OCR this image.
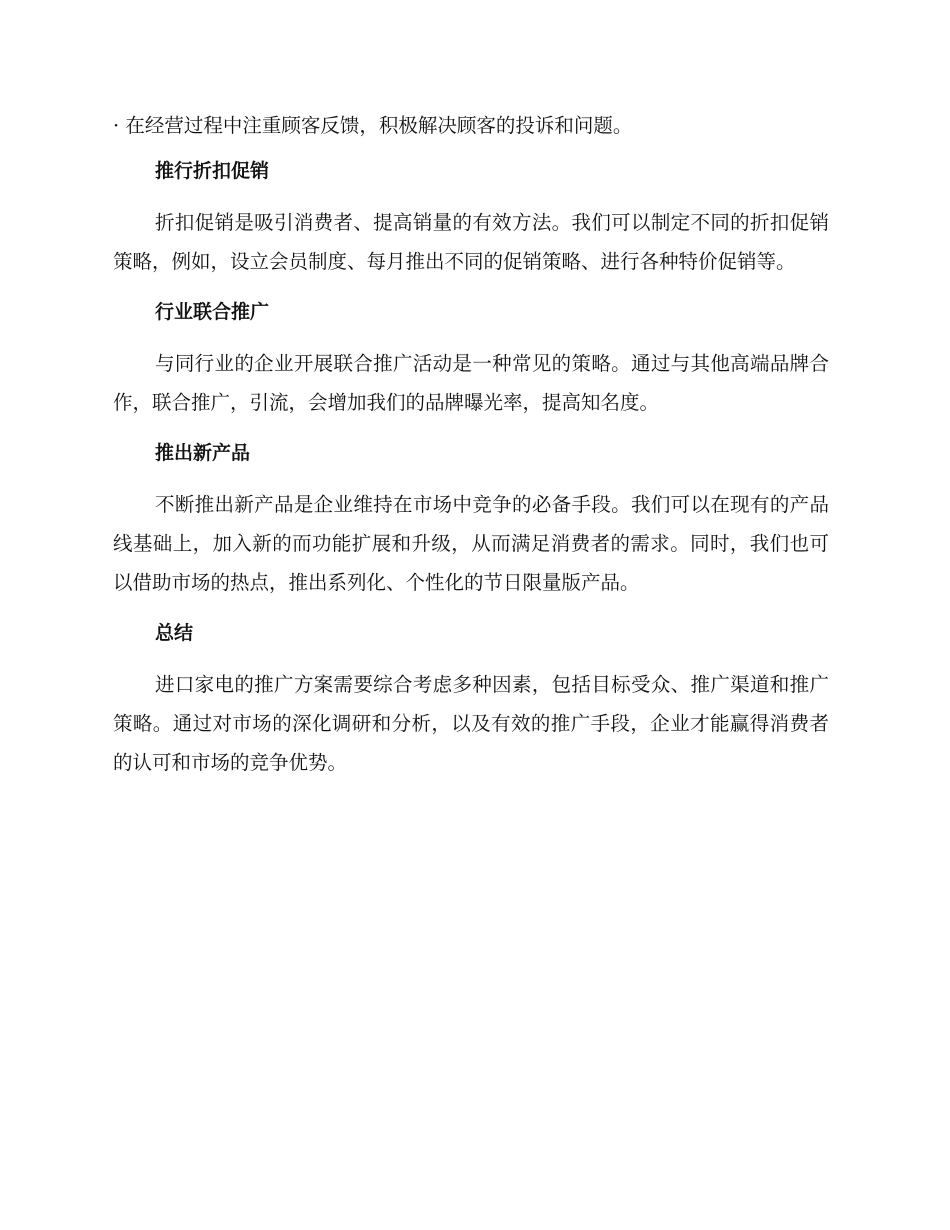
· 在经营过程中注重顾客反馈，积极解决顾客的投诉和问题。

推行折扣促销

折扣促销是吸引消费者、提高销量的有效方法。我们可以制定不同的折扣促销策略，例如，设立会员制度、每月推出不同的促销策略、进行各种特价促销等。

行业联合推广

与同行业的企业开展联合推广活动是一种常见的策略。通过与其他高端品牌合作，联合推广，引流，会增加我们的品牌曝光率，提高知名度。

推出新产品

不断推出新产品是企业维持在市场中竞争的必备手段。我们可以在现有的产品线基础上，加入新的而功能扩展和升级，从而满足消费者的需求。同时，我们也可以借助市场的热点，推出系列化、个性化的节日限量版产品。

总结

进口家电的推广方案需要综合考虑多种因素，包括目标受众、推广渠道和推广策略。通过对市场的深化调研和分析，以及有效的推广手段，企业才能赢得消费者的认可和市场的竞争优势。
